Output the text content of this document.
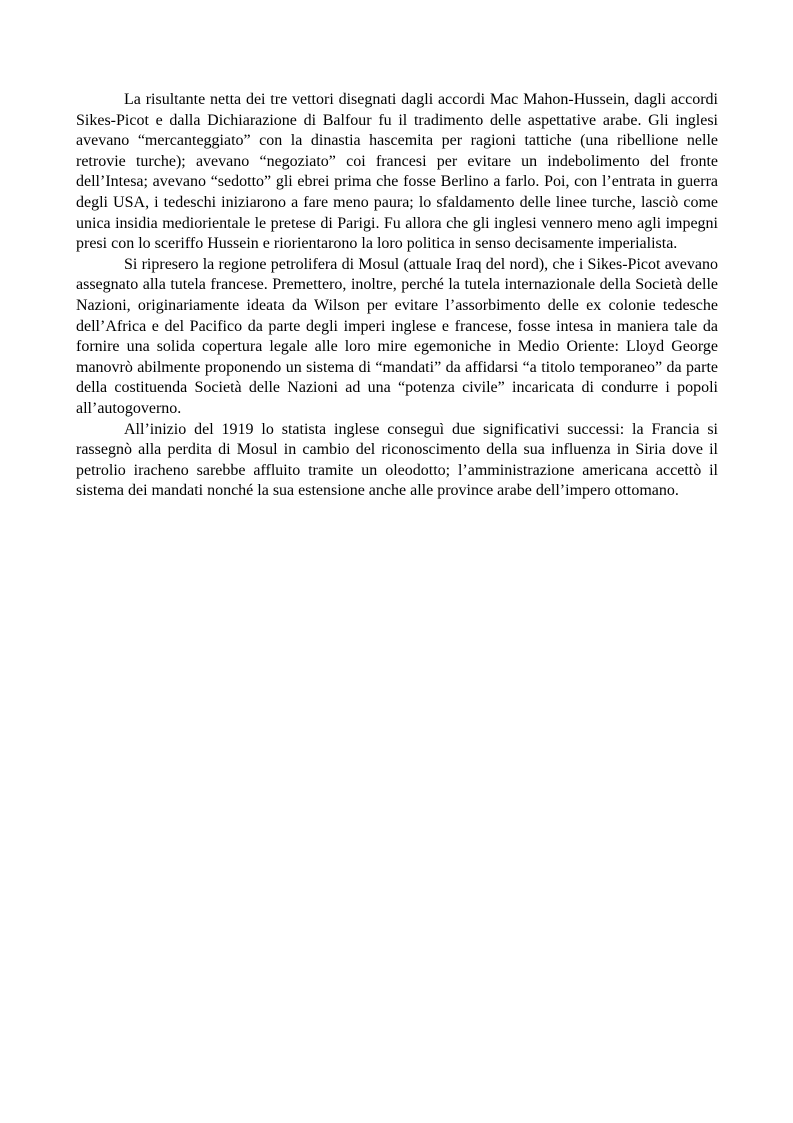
La risultante netta dei tre vettori disegnati dagli accordi Mac Mahon-Hussein, dagli accordi Sikes-Picot e dalla Dichiarazione di Balfour fu il tradimento delle aspettative arabe. Gli inglesi avevano “mercanteggiato” con la dinastia hascemita per ragioni tattiche (una ribellione nelle retrovie turche); avevano “negoziato” coi francesi per evitare un indebolimento del fronte dell’Intesa; avevano “sedotto” gli ebrei prima che fosse Berlino a farlo. Poi, con l’entrata in guerra degli USA, i tedeschi iniziarono a fare meno paura; lo sfaldamento delle linee turche, lasciò come unica insidia mediorientale le pretese di Parigi. Fu allora che gli inglesi vennero meno agli impegni presi con lo sceriffo Hussein e riorientarono la loro politica in senso decisamente imperialista.

Si ripresero la regione petrolifera di Mosul (attuale Iraq del nord), che i Sikes-Picot avevano assegnato alla tutela francese. Premettero, inoltre, perché la tutela internazionale della Società delle Nazioni, originariamente ideata da Wilson per evitare l’assorbimento delle ex colonie tedesche dell’Africa e del Pacifico da parte degli imperi inglese e francese, fosse intesa in maniera tale da fornire una solida copertura legale alle loro mire egemoniche in Medio Oriente: Lloyd George manovrò abilmente proponendo un sistema di “mandati” da affidarsi “a titolo temporaneo” da parte della costituenda Società delle Nazioni ad una “potenza civile” incaricata di condurre i popoli all’autogoverno.

All’inizio del 1919 lo statista inglese conseguì due significativi successi: la Francia si rassegnò alla perdita di Mosul in cambio del riconoscimento della sua influenza in Siria dove il petrolio iracheno sarebbe affluito tramite un oleodotto; l’amministrazione americana accettò il sistema dei mandati nonché la sua estensione anche alle province arabe dell’impero ottomano.
